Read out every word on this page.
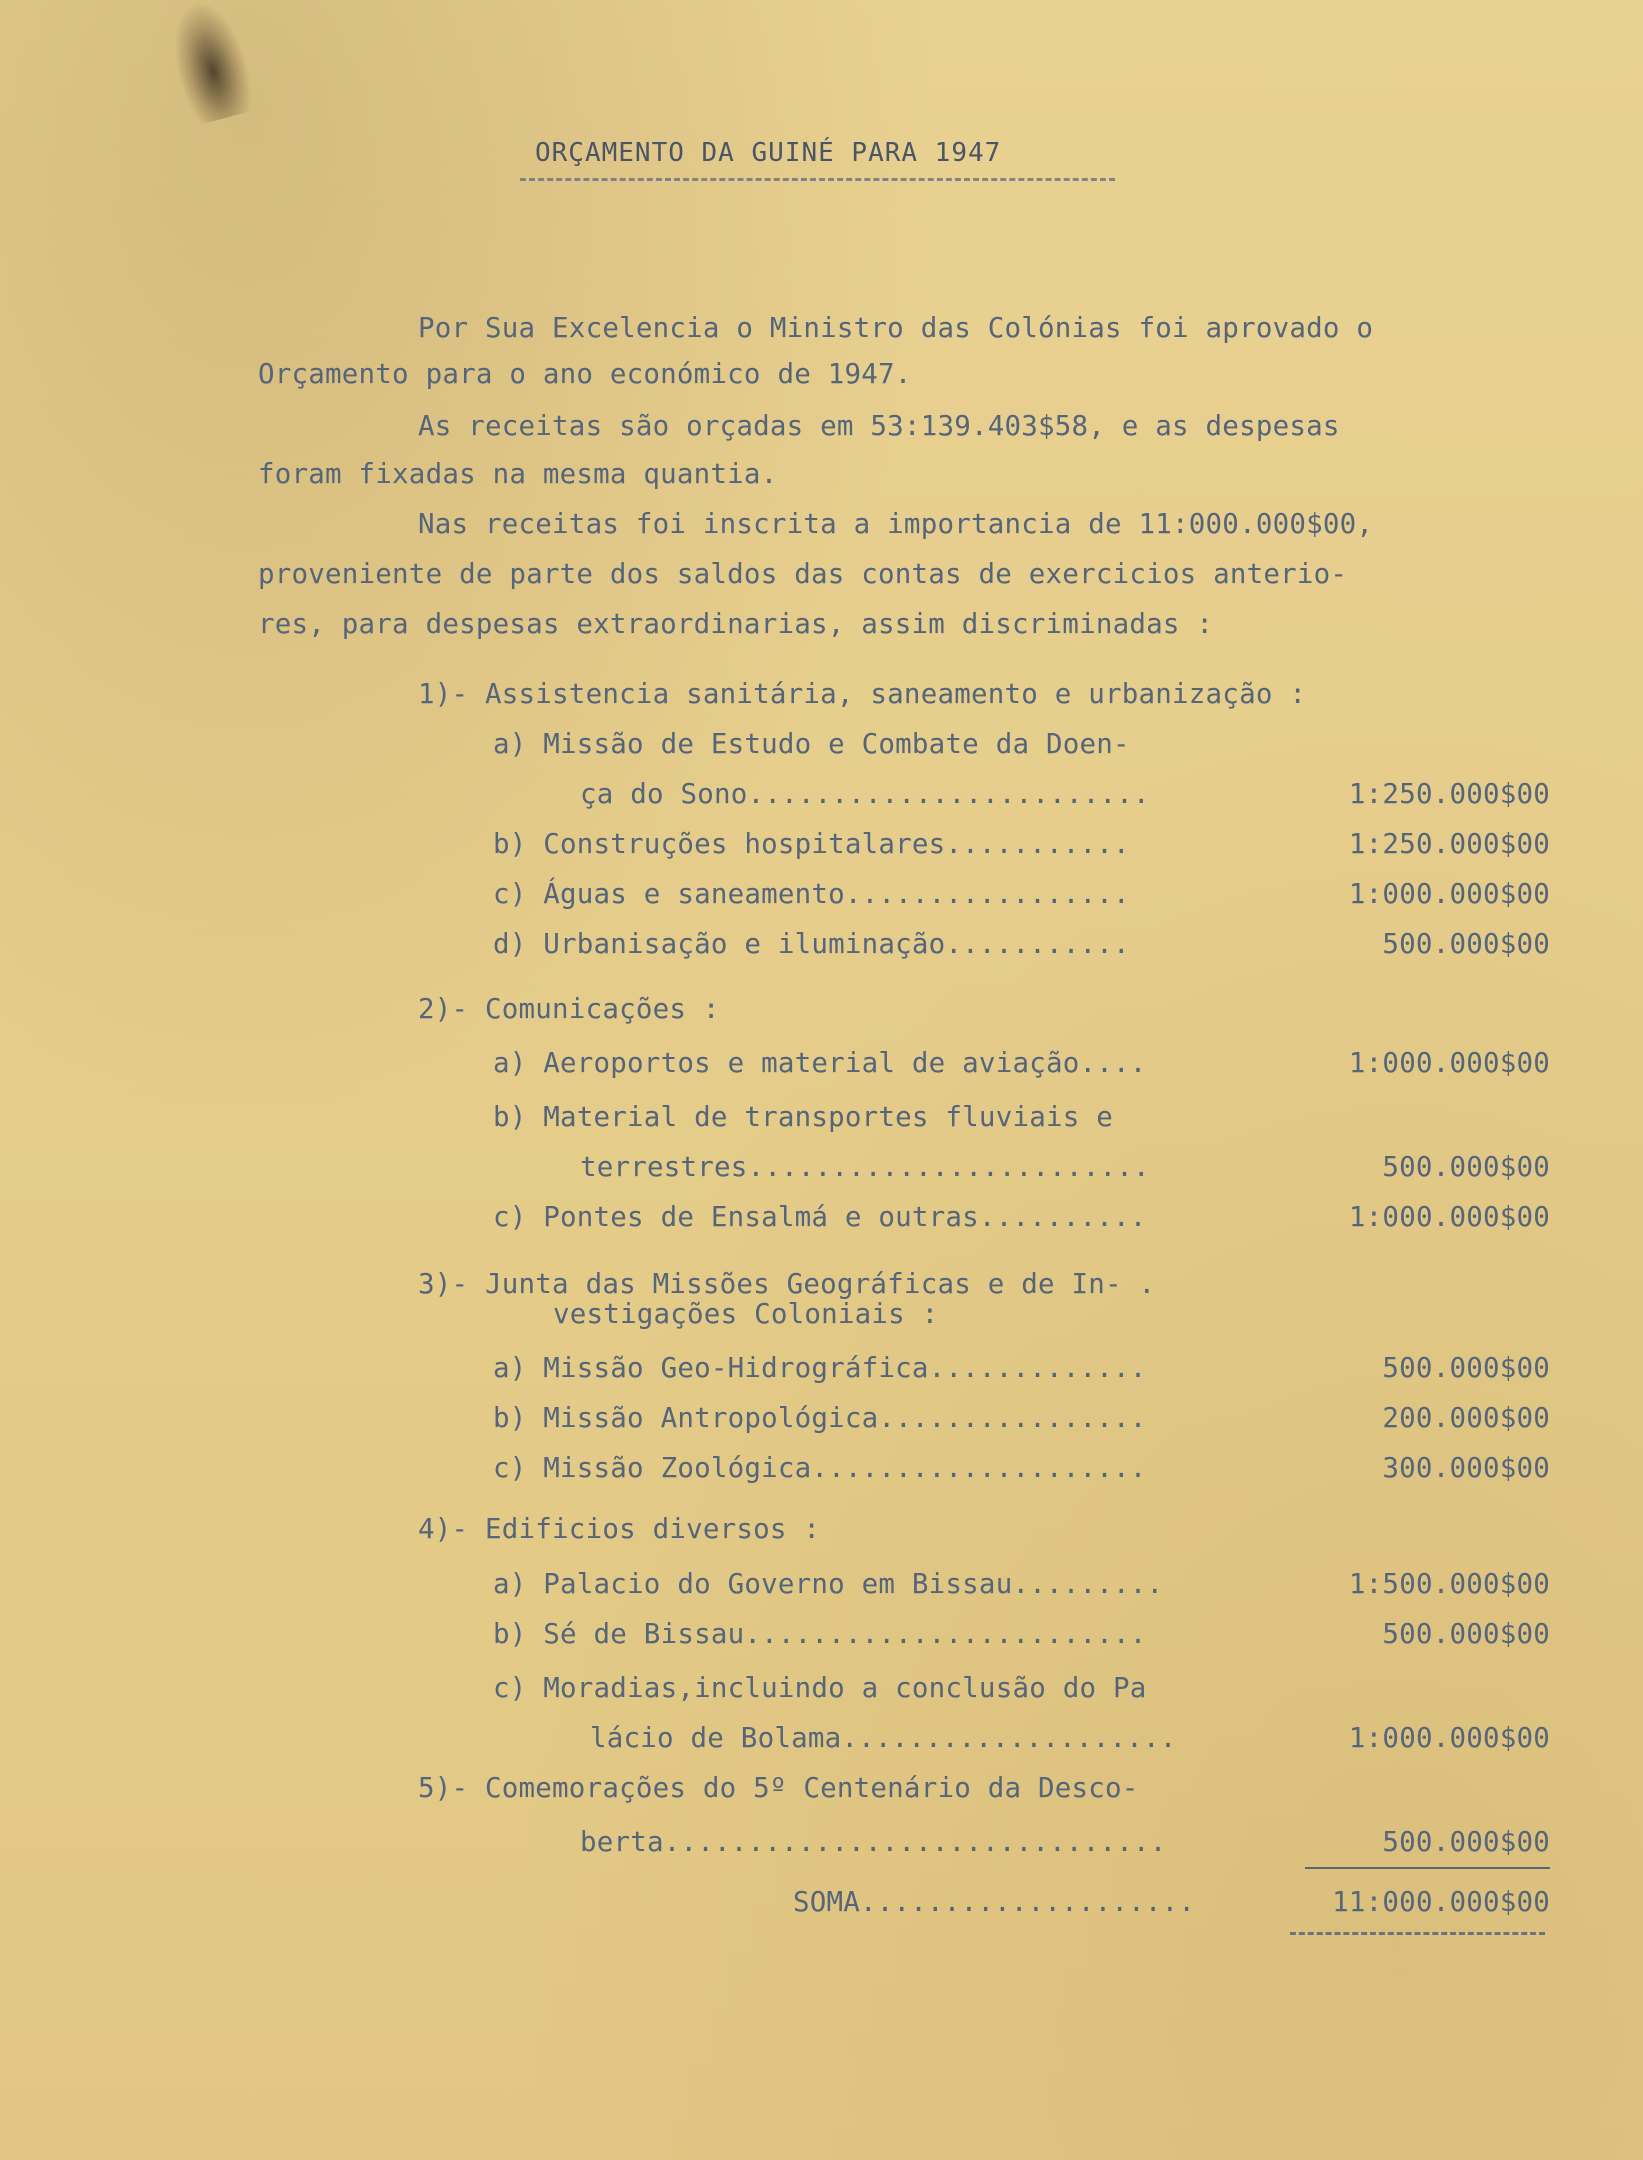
ORÇAMENTO DA GUINÉ PARA 1947
Por Sua Excelencia o Ministro das Colónias foi aprovado o
Orçamento para o ano económico de 1947.
As receitas são orçadas em 53:139.403$58, e as despesas
foram fixadas na mesma quantia.
Nas receitas foi inscrita a importancia de 11:000.000$00,
proveniente de parte dos saldos das contas de exercicios anterio-
res, para despesas extraordinarias, assim discriminadas :
1)- Assistencia sanitária, saneamento e urbanização :
a) Missão de Estudo e Combate da Doen-
ça do Sono........................	1:250.000$00
b) Construções hospitalares...........	1:250.000$00
c) Águas e saneamento.................	1:000.000$00
d) Urbanisação e iluminação...........	500.000$00
2)- Comunicações :
a) Aeroportos e material de aviação....	1:000.000$00
b) Material de transportes fluviais e
terrestres........................	500.000$00
c) Pontes de Ensalmá e outras..........	1:000.000$00
3)- Junta das Missões Geográficas e de In- .
vestigações Coloniais :
a) Missão Geo-Hidrográfica.............	500.000$00
b) Missão Antropológica................	200.000$00
c) Missão Zoológica....................	300.000$00
4)- Edificios diversos :
a) Palacio do Governo em Bissau.........	1:500.000$00
b) Sé de Bissau........................	500.000$00
c) Moradias,incluindo a conclusão do Pa
lácio de Bolama....................	1:000.000$00
5)- Comemorações do 5º Centenário da Desco-
berta..............................	500.000$00
SOMA....................	11:000.000$00
